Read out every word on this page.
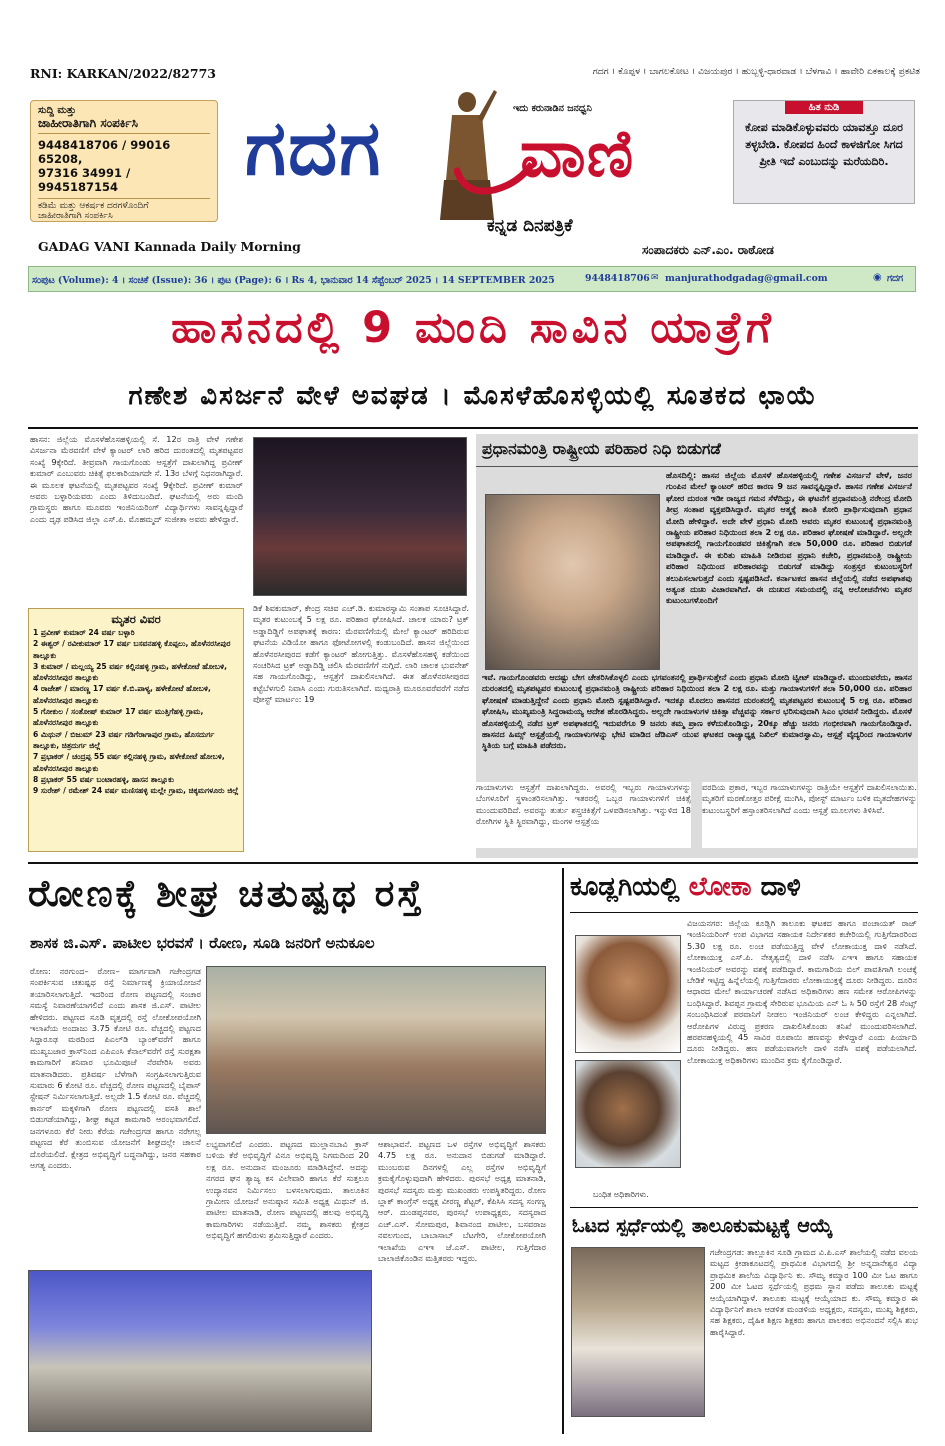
RNI: KARKAN/2022/82773	ಗದಗ । ಕೊಪ್ಪಳ । ಬಾಗಲಕೋಟ । ವಿಜಯಪುರ । ಹುಬ್ಬಳ್ಳಿ-ಧಾರವಾಡ । ಬೆಳಗಾವಿ । ಹಾವೇರಿ ಏಕಕಾಲಕ್ಕೆ ಪ್ರಕಟಿತ
ಸುದ್ದಿ ಮತ್ತು
ಜಾಹೀರಾತಿಗಾಗಿ ಸಂಪರ್ಕಿಸಿ
9448418706 / 99016 65208,
97316 34991 / 9945187154
ಕಡಿಮೆ ಮತ್ತು ಆಕರ್ಷಕ ದರಗಳೊಂದಿಗೆ
ಜಾಹೀರಾತಿಗಾಗಿ ಸಂಪರ್ಕಿಸಿ
ಗದಗ	ಇದು ಕರುನಾಡಿನ ಜನಧ್ವನಿ
ವಾಣಿ
ಕನ್ನಡ ದಿನಪತ್ರಿಕೆ
ಹಿತ ನುಡಿ
ಕೋಪ ಮಾಡಿಕೊಳ್ಳುವವರು ಯಾವತ್ತೂ ದೂರ ತಳ್ಳಬೇಡಿ. ಕೋಪದ ಹಿಂದೆ ಕಾಳಜಿಗೋ ಸಿಗದ ಪ್ರೀತಿ ಇದೆ ಎಂಬುದನ್ನು ಮರೆಯದಿರಿ.
GADAG VANI Kannada Daily Morning	ಸಂಪಾದಕರು ಎನ್.ಎಂ. ರಾಠೋಡ
ಸಂಪುಟ (Volume): 4 । ಸಂಚಿಕೆ (Issue): 36 । ಪುಟ (Page): 6 । Rs 4, ಭಾನುವಾರ 14 ಸೆಪ್ಟೆಂಬರ್ 2025 । 14 SEPTEMBER 2025	9448418706 ✉ manjurathodgadag@gmail.com	◉ ಗದಗ
ಹಾಸನದಲ್ಲಿ 9 ಮಂದಿ ಸಾವಿನ ಯಾತ್ರೆಗೆ
ಗಣೇಶ ವಿಸರ್ಜನೆ ವೇಳೆ ಅವಘಡ । ಮೊಸಳೆಹೊಸಳ್ಳಿಯಲ್ಲಿ ಸೂತಕದ ಛಾಯೆ
ಹಾಸನ: ಜಿಲ್ಲೆಯ ಮೊಸಳೆಹೊಸಹಳ್ಳಿಯಲ್ಲಿ ಸೆ. 12ರ ರಾತ್ರಿ ವೇಳೆ ಗಣೇಶ ವಿಸರ್ಜನಾ ಮೆರವಣಿಗೆ ವೇಳೆ ಕ್ಯಾಂಟರ್ ಲಾರಿ ಹರಿದ ದುರಂತದಲ್ಲಿ ಮೃತಪಟ್ಟವರ ಸಂಖ್ಯೆ 9ಕ್ಕೇರಿದೆ. ತೀವ್ರವಾಗಿ ಗಾಯಗೊಂಡು ಆಸ್ಪತ್ರೆಗೆ ದಾಖಲಾಗಿದ್ದ ಪ್ರವೀಣ್ ಕುಮಾರ್ ಎಂಬುವರು ಚಿಕಿತ್ಸೆ ಫಲಕಾರಿಯಾಗದೇ ಸೆ. 13ರ ಬೆಳಗ್ಗೆ ನಿಧನರಾಗಿದ್ದಾರೆ. ಈ ಮೂಲಕ ಘಟನೆಯಲ್ಲಿ ಮೃತಪಟ್ಟವರ ಸಂಖ್ಯೆ 9ಕ್ಕೇರಿದೆ. ಪ್ರವೀಣ್ ಕುಮಾರ್ ಅವರು ಬಳ್ಳಾರಿಯವರು ಎಂದು ತಿಳಿದುಬಂದಿದೆ. ಘಟನೆಯಲ್ಲಿ ಅರು ಮಂದಿ ಗ್ರಾಮಸ್ಥರು ಹಾಗೂ ಮೂವರು ಇಂಜಿನಿಯರಿಂಗ್ ವಿದ್ಯಾರ್ಥಿಗಳು ಸಾವನ್ನಪ್ಪಿದ್ದಾರೆ ಎಂದು ದೃಢ ಪಡಿಸಿದ ಜಿಲ್ಲಾ ಎಸ್.ಪಿ. ಮೊಹಮ್ಮದ್ ಸುಜೀತಾ ಅವರು ಹೇಳಿದ್ದಾರೆ.
ಡಿಕೆ ಶಿವಕುಮಾರ್, ಕೇಂದ್ರ ಸಚಿವ ಎಚ್.ಡಿ. ಕುಮಾರಸ್ವಾಮಿ ಸಂತಾಪ ಸೂಚಿಸಿದ್ದಾರೆ. ಮೃತರ ಕುಟುಂಬಕ್ಕೆ 5 ಲಕ್ಷ ರೂ. ಪರಿಹಾರ ಘೋಷಿಸಿದೆ. ಚಾಲಕ ಯಾರು? ಟ್ರಕ್ ಅಡ್ಡಾದಿಡ್ಡಿಗೆ ಅಪಘಾತಕ್ಕೆ ಕಾರಣ: ಮೆರವಣಿಗೆಯಲ್ಲಿ ಮೇಲೆ ಕ್ಯಾಂಟರ್ ಹರಿದಿರುವ ಘಟನೆಯ ವಿಡಿಯೋ ಹಾಗೂ ಫೋಟೋಗಳಲ್ಲಿ ಕಂಡುಬಂದಿದೆ. ಹಾಸನ ಜಿಲ್ಲೆಯಿಂದ ಹೊಳೆನರಸೀಪುರದ ಕಡೆಗೆ ಕ್ಯಾಂಟರ್ ಹೋಗುತ್ತಿತ್ತು. ಮೊಸಳೆಹೊಸಹಳ್ಳಿ ಕಡೆಯಿಂದ ಸಂಚರಿಸಿದ ಟ್ರಕ್ ಅಡ್ಡಾದಿಡ್ಡಿ ಚಲಿಸಿ ಮೆರವಣಿಗೆಗೆ ನುಗ್ಗಿದೆ. ಲಾರಿ ಚಾಲಕ ಭುವನೇಶ್ ಸಹ ಗಾಯಗೊಂಡಿದ್ದು, ಆಸ್ಪತ್ರೆಗೆ ದಾಖಲಿಸಲಾಗಿದೆ. ಈತ ಹೊಳೆನರಸೀಪುರದ ಕಟ್ಟೆಬೆಳಗುಲಿ ನಿವಾಸಿ ಎಂದು ಗುರುತಿಸಲಾಗಿದೆ. ಮಧ್ಯರಾತ್ರಿ ಮೂರೂವರೆವರೆಗೆ ನಡೆದ ಪೋಸ್ಟ್ ಮಾರ್ಟಂ: 19
ಮೃತರ ವಿವರ
1 ಪ್ರವೀಣ್ ಕುಮಾರ್ 24 ವರ್ಷ ಬಳ್ಳಾರಿ
2 ಈಶ್ವರ್ / ರವೀಕುಮಾರ್ 17 ವರ್ಷ ಬಸವನಹಳ್ಳಿ ಕೊಪ್ಪಲು, ಹೊಳೆನರಸೀಪುರ ತಾಲ್ಲೂಕು
3 ಕುಮಾರ್ / ಮಲ್ಲಯ್ಯ 25 ವರ್ಷ ಕಲ್ಲಿನಹಳ್ಳಿ ಗ್ರಾಮ, ಹಳೇಕೋಟೆ ಹೋಬಳಿ, ಹೊಳೆನರಸೀಪುರ ತಾಲ್ಲೂಕು
4 ರಾಜೇಶ್ / ಮಾರಣ್ಣ 17 ವರ್ಷ ಕೆ.ಬಿ.ಪಾಳ್ಯ, ಹಳೇಕೋಟೆ ಹೋಬಳಿ, ಹೊಳೆನರಸೀಪುರ ತಾಲ್ಲೂಕು
5 ಗೋಕುಲ / ಸಂತೋಷ್ ಕುಮಾರ್ 17 ವರ್ಷ ಮುತ್ತಿಗೆಹಳ್ಳಿ ಗ್ರಾಮ, ಹೊಳೆನರಸೀಪುರ ತಾಲ್ಲೂಕು
6 ಮಿಥುನ್ / ಬಿಜುಮ್ 23 ವರ್ಷ ಗಡಿಗೆರಾಗಾಪುರ ಗ್ರಾಮ, ಹೊಸದುರ್ಗ ತಾಲ್ಲೂಕು, ಚಿತ್ರದುರ್ಗ ಜಿಲ್ಲೆ
7 ಪ್ರಭಾಕರ್ / ಚಂದ್ರಪ್ಪ 55 ವರ್ಷ ಕಲ್ಲಿನಹಳ್ಳಿ ಗ್ರಾಮ, ಹಳೇಕೋಟೆ ಹೋಬಳಿ, ಹೊಳೆನರಸೀಪುರ ತಾಲ್ಲೂಕು
8 ಪ್ರಭಾಕರ್ 55 ವರ್ಷ ಬಂಟಾರಹಳ್ಳಿ, ಹಾಸನ ತಾಲ್ಲೂಕು
9 ಸುರೇಶ್ / ರಮೇಶ್ 24 ವರ್ಷ ಮಣಿಸಹಳ್ಳಿ ಮಲ್ಲೇ ಗ್ರಾಮ, ಚಿಕ್ಕಮಗಳೂರು ಜಿಲ್ಲೆ
ಪ್ರಧಾನಮಂತ್ರಿ ರಾಷ್ಟ್ರೀಯ ಪರಿಹಾರ ನಿಧಿ ಬಿಡುಗಡೆ
ಹೊಸದಿಲ್ಲಿ: ಹಾಸನ ಜಿಲ್ಲೆಯ ಮೊಸಳೆ ಹೊಸಹಳ್ಳಿಯಲ್ಲಿ ಗಣೇಶ ವಿಸರ್ಜನೆ ವೇಳೆ, ಜನರ ಗುಂಪಿನ ಮೇಲೆ ಕ್ಯಾಂಟರ್ ಹರಿದ ಕಾರಣ 9 ಜನ ಸಾವನ್ನಪ್ಪಿದ್ದಾರೆ. ಹಾಸನ ಗಣೇಶ ವಿಸರ್ಜನೆ ಘೋರ ದುರಂತ ಇಡೀ ರಾಜ್ಯದ ಗಮನ ಸೆಳೆದಿದ್ದು, ಈ ಘಟನೆಗೆ ಪ್ರಧಾನಮಂತ್ರಿ ನರೇಂದ್ರ ಮೋದಿ ತೀವ್ರ ಸಂತಾಪ ವ್ಯಕ್ತಪಡಿಸಿದ್ದಾರೆ. ಮೃತರ ಆತ್ಮಕ್ಕೆ ಶಾಂತಿ ಕೋರಿ ಪ್ರಾರ್ಥಿಸುವುದಾಗಿ ಪ್ರಧಾನ ಮೋದಿ ಹೇಳಿದ್ದಾರೆ. ಅದೇ ವೇಳೆ ಪ್ರಧಾನಿ ಮೋದಿ ಅವರು ಮೃತರ ಕುಟುಂಬಕ್ಕೆ ಪ್ರಧಾನಮಂತ್ರಿ ರಾಷ್ಟ್ರೀಯ ಪರಿಹಾರ ನಿಧಿಯಿಂದ ತಲಾ 2 ಲಕ್ಷ ರೂ. ಪರಿಹಾರ ಘೋಷಣೆ ಮಾಡಿದ್ದಾರೆ. ಅಲ್ಲದೇ ಅಪಘಾತದಲ್ಲಿ ಗಾಯಗೊಂಡವರ ಚಿಕಿತ್ಸೆಗಾಗಿ ತಲಾ 50,000 ರೂ. ಪರಿಹಾರ ಬಿಡುಗಡೆ ಮಾಡಿದ್ದಾರೆ. ಈ ಕುರಿತು ಮಾಹಿತಿ ನೀಡಿರುವ ಪ್ರಧಾನಿ ಕಚೇರಿ, ಪ್ರಧಾನಮಂತ್ರಿ ರಾಷ್ಟ್ರೀಯ ಪರಿಹಾರ ನಿಧಿಯಿಂದ ಪರಿಹಾರವನ್ನು ಬಿಡುಗಡೆ ಮಾಡಿದ್ದು ಸಂತ್ರಸ್ತರ ಕುಟುಂಬಸ್ಥರಿಗೆ ತಲುಪಿಸಲಾಗುತ್ತದೆ ಎಂದು ಸ್ಪಷ್ಟಪಡಿಸಿದೆ. ಕರ್ನಾಟಕದ ಹಾಸನ ಜಿಲ್ಲೆಯಲ್ಲಿ ನಡೆದ ಅಪಘಾತವು ಅತ್ಯಂತ ದುಃಖ ವಿಚಾರವಾಗಿದೆ. ಈ ದುಃಖದ ಸಮಯದಲ್ಲಿ ನನ್ನ ಆಲೋಚನೆಗಳು ಮೃತರ ಕುಟುಂಬಗಳೊಂದಿಗೆ
ಇವೆ. ಗಾಯಗೊಂಡವರು ಆದಷ್ಟು ಬೇಗ ಚೇತರಿಸಿಕೊಳ್ಳಲಿ ಎಂದು ಭಗವಂತನಲ್ಲಿ ಪ್ರಾರ್ಥಿಸುತ್ತೇನೆ ಎಂದು ಪ್ರಧಾನಿ ಮೋದಿ ಟ್ವೀಟ್ ಮಾಡಿದ್ದಾರೆ. ಮುಂದುವರೆದು, ಹಾಸನ ದುರಂತದಲ್ಲಿ ಮೃತಪಟ್ಟವರ ಕುಟುಂಬಕ್ಕೆ ಪ್ರಧಾನಮಂತ್ರಿ ರಾಷ್ಟ್ರೀಯ ಪರಿಹಾರ ನಿಧಿಯಿಂದ ತಲಾ 2 ಲಕ್ಷ ರೂ. ಮತ್ತು ಗಾಯಾಳುಗಳಿಗೆ ತಲಾ 50,000 ರೂ. ಪರಿಹಾರ ಘೋಷಣೆ ಮಾಡುತ್ತಿದ್ದೇನೆ ಎಂದು ಪ್ರಧಾನಿ ಮೋದಿ ಸ್ಪಷ್ಟಪಡಿಸಿದ್ದಾರೆ. ಇದಕ್ಕೂ ಮೊದಲು ಹಾಸನದ ದುರಂತದಲ್ಲಿ ಮೃತಪಟ್ಟವರ ಕುಟುಂಬಕ್ಕೆ 5 ಲಕ್ಷ ರೂ. ಪರಿಹಾರ ಘೋಷಿಸಿ, ಮುಖ್ಯಮಂತ್ರಿ ಸಿದ್ದರಾಮಯ್ಯ ಆದೇಶ ಹೊರಡಿಸಿದ್ದರು. ಅಲ್ಲದೇ ಗಾಯಾಳುಗಳ ಚಿಕಿತ್ಸಾ ವೆಚ್ಚವನ್ನು ಸರ್ಕಾರ ಭರಿಸುವುದಾಗಿ ಸಿಎಂ ಭರವಸೆ ನೀಡಿದ್ದರು. ಮೊಸಳೆ ಹೊಸಹಳ್ಳಿಯಲ್ಲಿ ನಡೆದ ಟ್ರಕ್ ಅಪಘಾತದಲ್ಲಿ ಇದುವರೆಗೂ 9 ಜನರು ತಮ್ಮ ಪ್ರಾಣ ಕಳೆದುಕೊಂಡಿದ್ದು, 20ಕ್ಕೂ ಹೆಚ್ಚು ಜನರು ಗಂಭೀರವಾಗಿ ಗಾಯಗೊಂಡಿದ್ದಾರೆ. ಹಾಸನದ ಹಿಮ್ಸ್ ಆಸ್ಪತ್ರೆಯಲ್ಲಿ ಗಾಯಾಳುಗಳನ್ನು ಭೇಟಿ ಮಾಡಿದ ಜೆಡಿಎಸ್ ಯುವ ಘಟಕದ ರಾಜ್ಯಾಧ್ಯಕ್ಷ ನಿಖಿಲ್ ಕುಮಾರಸ್ವಾಮಿ, ಆಸ್ಪತ್ರೆ ವೈದ್ಯರಿಂದ ಗಾಯಾಳುಗಳ ಸ್ಥಿತಿಯ ಬಗ್ಗೆ ಮಾಹಿತಿ ಪಡೆದರು.
ಗಾಯಾಳುಗಳು ಆಸ್ಪತ್ರೆಗೆ ದಾಖಲಾಗಿದ್ದರು. ಅವರಲ್ಲಿ ಇಬ್ಬರು ಗಾಯಾಳುಗಳನ್ನು ಬೆಂಗಳೂರಿಗೆ ಸ್ಥಳಾಂತರಿಸಲಾಗಿತ್ತು. ಇತರರಲ್ಲಿ ಒಬ್ಬರ ಗಾಯಾಳುಗಳಿಗೆ ಚಿಕಿತ್ಸೆ ಮುಂದುವರಿದಿದೆ. ಅವರನ್ನು ತುರ್ತು ಶಸ್ತ್ರಚಿಕಿತ್ಸೆಗೆ ಒಳಪಡಿಸಲಾಗಿತ್ತು. ಇನ್ನುಳಿದ 18 ರೋಗಿಗಳ ಸ್ಥಿತಿ ಸ್ಥಿರವಾಗಿದ್ದು, ಮಂಗಳ ಆಸ್ಪತ್ರೆಯ
ವರದಿಯ ಪ್ರಕಾರ, ಇಬ್ಬರ ಗಾಯಾಳುಗಳನ್ನು ರಾತ್ರಿಯೇ ಆಸ್ಪತ್ರೆಗೆ ದಾಖಲಿಸಲಾಯಿತು. ಮೃತರಿಗೆ ಮರಣೋತ್ತರ ಪರೀಕ್ಷೆ ಮುಗಿಸಿ, ಪೋಸ್ಟ್ ಮಾರ್ಟಂ ಬಳಿಕ ಮೃತದೇಹಗಳನ್ನು ಕುಟುಂಬಸ್ಥರಿಗೆ ಹಸ್ತಾಂತರಿಸಲಾಗಿದೆ ಎಂದು ಆಸ್ಪತ್ರೆ ಮೂಲಗಳು ತಿಳಿಸಿವೆ.
ರೋಣಕ್ಕೆ ಶೀಘ್ರ ಚತುಷ್ಪಥ ರಸ್ತೆ
ಶಾಸಕ ಜಿ.ಎಸ್. ಪಾಟೀಲ ಭರವಸೆ । ರೋಣ, ಸೂಡಿ ಜನರಿಗೆ ಅನುಕೂಲ
ರೋಣ: ನರಗುಂದ– ರೋಣ– ಮಾರ್ಗವಾಗಿ ಗಜೇಂದ್ರಗಡ ಸಂಪರ್ಕಿಸುವ ಚತುಷ್ಪಥ ರಸ್ತೆ ನಿರ್ಮಾಣಕ್ಕೆ ಕ್ರಿಯಾಯೋಜನೆ ತಯಾರಿಸಲಾಗುತ್ತಿದೆ. ಇದರಿಂದ ರೋಣ ಪಟ್ಟಣದಲ್ಲಿ ಸಂಚಾರ ಸಮಸ್ಯೆ ನಿವಾರಣೆಯಾಗಲಿದೆ ಎಂದು ಶಾಸಕ ಜಿ.ಎಸ್. ಪಾಟೀಲ ಹೇಳಿದರು. ಪಟ್ಟಣದ ಸೂಡಿ ವೃತ್ತದಲ್ಲಿ ರಸ್ತೆ ಲೋಕೋಪಯೋಗಿ ಇಲಾಖೆಯ ಅಂದಾಜು 3.75 ಕೋಟಿ ರೂ. ವೆಚ್ಚದಲ್ಲಿ ಪಟ್ಟಣದ ಸಿದ್ದಾರೂಢ ಮಠದಿಂದ ಪಿಎಲ್‌ಡಿ ಬ್ಯಾಂಕ್‌ವರೆಗೆ ಹಾಗೂ ಮುಖ್ಯಬಜಾರ ಕ್ರಾಸ್‌ನಿಂದ ಎಪಿಎಂಸಿ ಕೆನಾಲ್‌ವರೆಗೆ ರಸ್ತೆ ಸುರಕ್ಷತಾ ಕಾಮಗಾರಿಗೆ ಶನಿವಾರ ಭೂಮಿಪೂಜೆ ನೆರವೇರಿಸಿ ಅವರು ಮಾತನಾಡಿದರು. ಪ್ರತಿವರ್ಷ ಬೆಳೆಗಾಗಿ ಸಂಗ್ರಹಿಸಲಾಗುತ್ತಿರುವ ಸುಮಾರು 6 ಕೋಟಿ ರೂ. ವೆಚ್ಚದಲ್ಲಿ ರೋಣ ಪಟ್ಟಣದಲ್ಲಿ ಬೈಪಾಸ್ ಸ್ಟೇಷನ್ ನಿರ್ಮಿಸಲಾಗುತ್ತಿದೆ. ಅಲ್ಲದೇ 1.5 ಕೋಟಿ ರೂ. ವೆಚ್ಚದಲ್ಲಿ ಕಾರ್ನರ್ ಮಕ್ಕಳಿಗಾಗಿ ರೋಣ ಪಟ್ಟಣದಲ್ಲಿ ವಸತಿ ಶಾಲೆ ಬಿಡುಗಡೆಯಾಗಿದ್ದು, ಶೀಘ್ರ ಕಟ್ಟಡ ಕಾಮಗಾರಿ ಆರಂಭವಾಗಲಿದೆ. ಜನಗಳೂರು ಕೆರೆ ನೀರು ಕೆರೆಯ ಗಜೇಂದ್ರಗಡ ಹಾಗೂ ನರೇಗಲ್ಲ ಪಟ್ಟಣದ ಕೆರೆ ತುಂಬಿಸುವ ಯೋಜನೆಗೆ ಶೀಘ್ರದಲ್ಲೇ ಚಾಲನೆ ದೊರೆಯಲಿದೆ. ಕ್ಷೇತ್ರದ ಅಭಿವೃದ್ಧಿಗೆ ಬದ್ಧನಾಗಿದ್ದು, ಜನರ ಸಹಕಾರ ಅಗತ್ಯ ಎಂದರು.
ಲಭ್ಯವಾಗಲಿದೆ ಎಂದರು. ಪಟ್ಟಣದ ಮುಲ್ಲಾನಬಾವಿ ಕ್ರಾಸ್ ಬಳಿಯ ಕೆರೆ ಅಭಿವೃದ್ಧಿಗೆ ವಿನೂ ಅಭಿವೃದ್ಧಿ ನಿಗಮದಿಂದ 20 ಲಕ್ಷ ರೂ. ಅನುದಾನ ಮಂಜೂರು ಮಾಡಿಸಿದ್ದೇನೆ. ಅದನ್ನು ನಗರದ ಘನ ತ್ಯಾಜ್ಯ ಕಸ ವಿಲೇವಾರಿ ಹಾಗೂ ಕೆರೆ ಸುತ್ತಲೂ ಉದ್ಯಾನವನ ನಿರ್ಮಿಸಲು ಬಳಸಲಾಗುವುದು. ತಾಲೂಕಿನ ಗ್ರಾಮೀಣ ಯೋಜನೆ ಅನುಷ್ಠಾನ ಸಮಿತಿ ಅಧ್ಯಕ್ಷ ಮಿಥುನ್ ಜಿ. ಪಾಟೀಲ ಮಾತನಾಡಿ, ರೋಣ ಪಟ್ಟಣದಲ್ಲಿ ಹಲವು ಅಭಿವೃದ್ಧಿ ಕಾಮಗಾರಿಗಳು ನಡೆಯುತ್ತಿವೆ. ನಮ್ಮ ಶಾಸಕರು ಕ್ಷೇತ್ರದ ಅಭಿವೃದ್ಧಿಗೆ ಹಗಲಿರುಳು ಶ್ರಮಿಸುತ್ತಿದ್ದಾರೆ ಎಂದರು.
ಆಶಾಭಾವನೆ. ಪಟ್ಟಣದ ಒಳ ರಸ್ತೆಗಳ ಅಭಿವೃದ್ಧಿಗೆ ಶಾಸಕರು 4.75 ಲಕ್ಷ ರೂ. ಅನುದಾನ ಬಿಡುಗಡೆ ಮಾಡಿದ್ದಾರೆ. ಮುಂಬರುವ ದಿನಗಳಲ್ಲಿ ಎಲ್ಲ ರಸ್ತೆಗಳ ಅಭಿವೃದ್ಧಿಗೆ ಕ್ರಮಕೈಗೊಳ್ಳುವುದಾಗಿ ಹೇಳಿದರು. ಪುರಸಭೆ ಅಧ್ಯಕ್ಷ ಮಾತನಾಡಿ, ಪುರಸಭೆ ಸದಸ್ಯರು ಮತ್ತು ಮುಖಂಡರು ಉಪಸ್ಥಿತರಿದ್ದರು. ರೋಣ ಬ್ಲಾಕ್ ಕಾಂಗ್ರೆಸ್ ಅಧ್ಯಕ್ಷ ವೀರಣ್ಣ ಶೆಟ್ಟರ್, ಕೆಪಿಸಿಸಿ ಸದಸ್ಯ ಸಂಗಣ್ಣ ಆರ್. ದುಂಡಪ್ಪನವರ, ಪುರಸಭೆ ಉಪಾಧ್ಯಕ್ಷರು, ಸದಸ್ಯರಾದ ಎಚ್.ಎಸ್. ಸೋಮಪುರ, ಶಿವಾನಂದ ಪಾಟೀಲ, ಬಸವರಾಜ ನವಲಗುಂದ, ಬಾಬಾಸಾಬ್ ಬೆಟಗೇರಿ, ಲೋಕೋಪಯೋಗಿ ಇಲಾಖೆಯ ಎಇಇ ಜೆ.ಎಸ್. ಪಾಟೀಲ, ಗುತ್ತಿಗೆದಾರ ಬಾಲಾಜಿಕೊಂಡಿನ ಮತ್ತಿತರರು ಇದ್ದರು.
ಕೂಡ್ಲಗಿಯಲ್ಲಿ ಲೋಕಾ ದಾಳಿ
ವಿಜಯನಗರ: ಜಿಲ್ಲೆಯ ಕೂಡ್ಲಿಗಿ ತಾಲೂಕು ಘಟಕದ ಹಾಗೂ ಪಂಚಾಯತ್ ರಾಜ್ ಇಂಜಿನಿಯರಿಂಗ್ ಉಪ ವಿಭಾಗದ ಸಹಾಯಕ ನಿರ್ದೇಶಕರ ಕಚೇರಿಯಲ್ಲಿ ಗುತ್ತಿಗೆದಾರರಿಂದ 5.30 ಲಕ್ಷ ರೂ. ಲಂಚ ಪಡೆಯುತ್ತಿದ್ದ ವೇಳೆ ಲೋಕಾಯುಕ್ತ ದಾಳಿ ನಡೆಸಿದೆ. ಲೋಕಾಯುಕ್ತ ಎಸ್.ಪಿ. ನೇತೃತ್ವದಲ್ಲಿ ದಾಳಿ ನಡೆಸಿ ಎಇಇ ಹಾಗೂ ಸಹಾಯಕ ಇಂಜಿನಿಯರ್ ಅವರನ್ನು ವಶಕ್ಕೆ ಪಡೆದಿದ್ದಾರೆ. ಕಾಮಗಾರಿಯ ಬಿಲ್ ಪಾವತಿಗಾಗಿ ಲಂಚಕ್ಕೆ ಬೇಡಿಕೆ ಇಟ್ಟಿದ್ದ ಹಿನ್ನೆಲೆಯಲ್ಲಿ ಗುತ್ತಿಗೆದಾರರು ಲೋಕಾಯುಕ್ತಕ್ಕೆ ದೂರು ನೀಡಿದ್ದರು. ದೂರಿನ ಆಧಾರದ ಮೇಲೆ ಕಾರ್ಯಾಚರಣೆ ನಡೆಸಿದ ಅಧಿಕಾರಿಗಳು ಹಣ ಸಮೇತ ಆರೋಪಿಗಳನ್ನು ಬಂಧಿಸಿದ್ದಾರೆ. ಶಿವಪ್ಪನ ಗ್ರಾಮಕ್ಕೆ ಸೇರಿರುವ ಭೂಮಿಯ ಎನ್ ಓ ಸಿ 50 ರಸ್ತೆಗೆ 28 ಸೆಂಟ್ಸ್ ಸಂಬಂಧಿಸಿದಂತೆ ಪರವಾನಿಗೆ ನೀಡಲು ಇಂಜಿನಿಯರ್ ಲಂಚ ಕೇಳಿದ್ದರು ಎನ್ನಲಾಗಿದೆ. ಆರೋಪಿಗಳ ವಿರುದ್ಧ ಪ್ರಕರಣ ದಾಖಲಿಸಿಕೊಂಡು ತನಿಖೆ ಮುಂದುವರಿಸಲಾಗಿದೆ. ಹರಪನಹಳ್ಳಿಯಲ್ಲಿ 45 ಸಾವಿರ ರೂಪಾಯಿ ಹಣವನ್ನು ಕೇಳಿದ್ದಾರೆ ಎಂದು ಪಿರ್ಯಾದಿ ದೂರು ನೀಡಿದ್ದರು. ಹಣ ಪಡೆಯುವಾಗಲೇ ದಾಳಿ ನಡೆಸಿ ವಶಕ್ಕೆ ಪಡೆಯಲಾಗಿದೆ. ಲೋಕಾಯುಕ್ತ ಅಧಿಕಾರಿಗಳು ಮುಂದಿನ ಕ್ರಮ ಕೈಗೊಂಡಿದ್ದಾರೆ.
ಬಂಧಿತ ಅಧಿಕಾರಿಗಳು.
ಓಟದ ಸ್ಪರ್ಧೆಯಲ್ಲಿ ತಾಲೂಕುಮಟ್ಟಕ್ಕೆ ಆಯ್ಕೆ
ಗಜೇಂದ್ರಗಡ: ತಾಲ್ಲೂಕಿನ ಸೂಡಿ ಗ್ರಾಮದ ವಿ.ಪಿ.ಎಸ್ ಶಾಲೆಯಲ್ಲಿ ನಡೆದ ವಲಯ ಮಟ್ಟದ ಕ್ರೀಡಾಕೂಟದಲ್ಲಿ ಪ್ರಾಥಮಿಕ ವಿಭಾಗದಲ್ಲಿ ಶ್ರೀ ಅನ್ನದಾನೇಶ್ವರ ವಿದ್ಯಾ ಪ್ರಾಥಮಿಕ ಶಾಲೆಯ ವಿದ್ಯಾರ್ಥಿನಿ ಕು. ಸೌಮ್ಯ ಕಮ್ಮಾರ 100 ಮೀ ಓಟ ಹಾಗೂ 200 ಮೀ ಓಟದ ಸ್ಪರ್ಧೆಯಲ್ಲಿ ಪ್ರಥಮ ಸ್ಥಾನ ಪಡೆದು ತಾಲೂಕು ಮಟ್ಟಕ್ಕೆ ಆಯ್ಕೆಯಾಗಿದ್ದಾಳೆ. ತಾಲೂಕು ಮಟ್ಟಕ್ಕೆ ಆಯ್ಕೆಯಾದ ಕು. ಸೌಮ್ಯ ಕಮ್ಮಾರ ಈ ವಿದ್ಯಾರ್ಥಿನಿಗೆ ಶಾಲಾ ಆಡಳಿತ ಮಂಡಳಿಯ ಅಧ್ಯಕ್ಷರು, ಸದಸ್ಯರು, ಮುಖ್ಯ ಶಿಕ್ಷಕರು, ಸಹ ಶಿಕ್ಷಕರು, ದೈಹಿಕ ಶಿಕ್ಷಣ ಶಿಕ್ಷಕರು ಹಾಗೂ ಪಾಲಕರು ಅಭಿನಂದನೆ ಸಲ್ಲಿಸಿ ಶುಭ ಹಾರೈಸಿದ್ದಾರೆ.
